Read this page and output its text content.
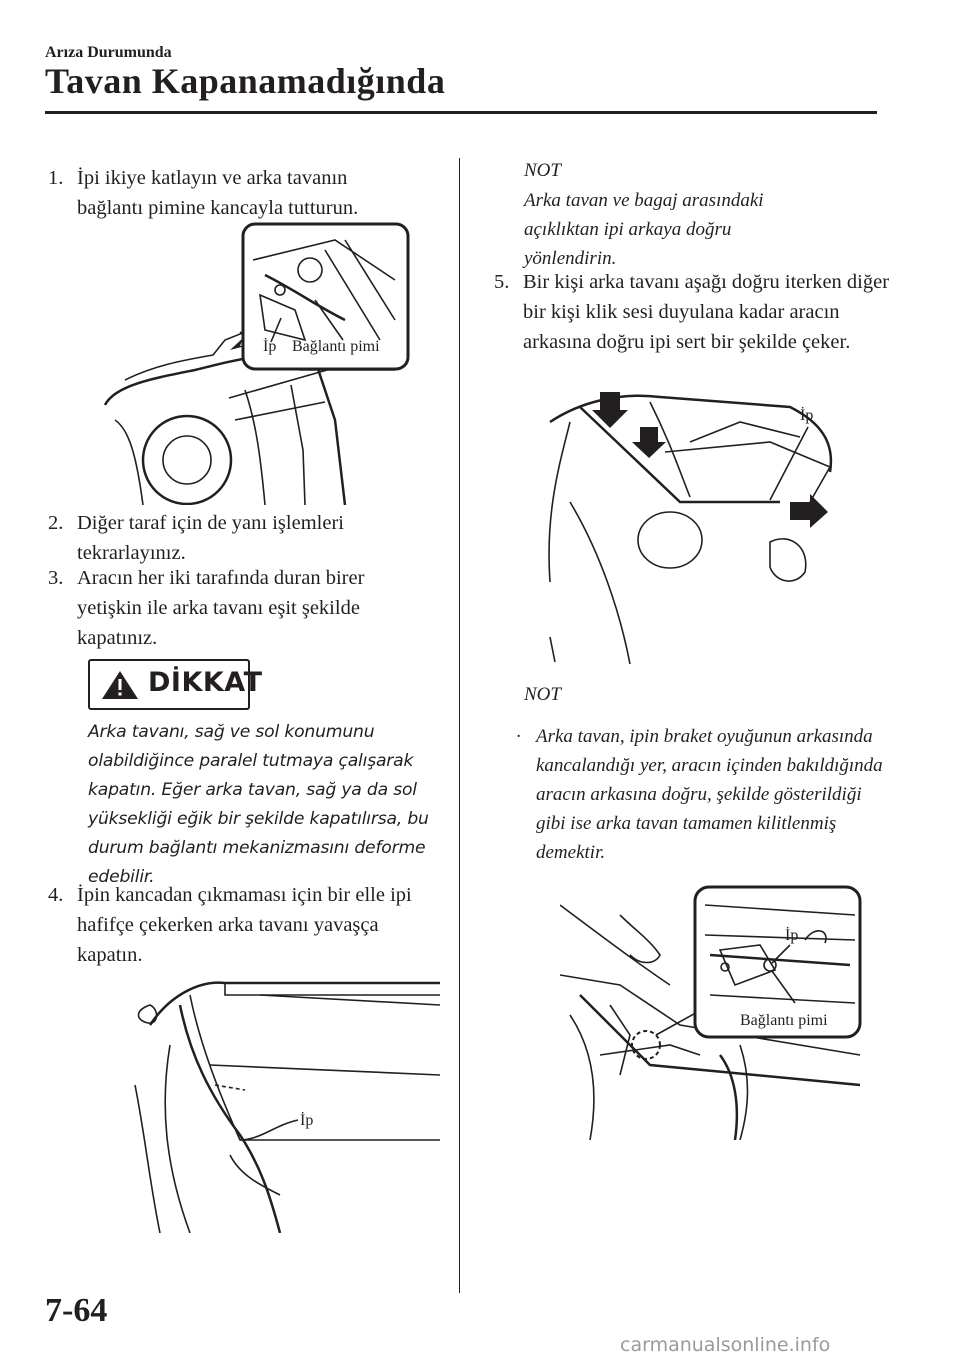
Arıza Durumunda
Tavan Kapanamadığında
1. İpi ikiye katlayın ve arka tavanın bağlantı pimine kancayla tutturun.
İp Bağlantı pimi
2. Diğer taraf için de yanı işlemleri tekrarlayınız.
3. Aracın her iki tarafında duran birer yetişkin ile arka tavanı eşit şekilde kapatınız.
DİKKAT
Arka tavanı, sağ ve sol konumunu olabildiğince paralel tutmaya çalışarak kapatın. Eğer arka tavan, sağ ya da sol yüksekliği eğik bir şekilde kapatılırsa, bu durum bağlantı mekanizmasını deforme edebilir.
4. İpin kancadan çıkmaması için bir elle ipi hafifçe çekerken arka tavanı yavaşça kapatın.
İp
NOT
Arka tavan ve bagaj arasındaki açıklıktan ipi arkaya doğru yönlendirin.
5. Bir kişi arka tavanı aşağı doğru iterken diğer bir kişi klik sesi duyulana kadar aracın arkasına doğru ipi sert bir şekilde çeker.
İp
NOT
· Arka tavan, ipin braket oyuğunun arkasında kancalandığı yer, aracın içinden bakıldığında aracın arkasına doğru, şekilde gösterildiği gibi ise arka tavan tamamen kilitlenmiş demektir.
İp
Bağlantı pimi
7-64
carmanualsonline.info
